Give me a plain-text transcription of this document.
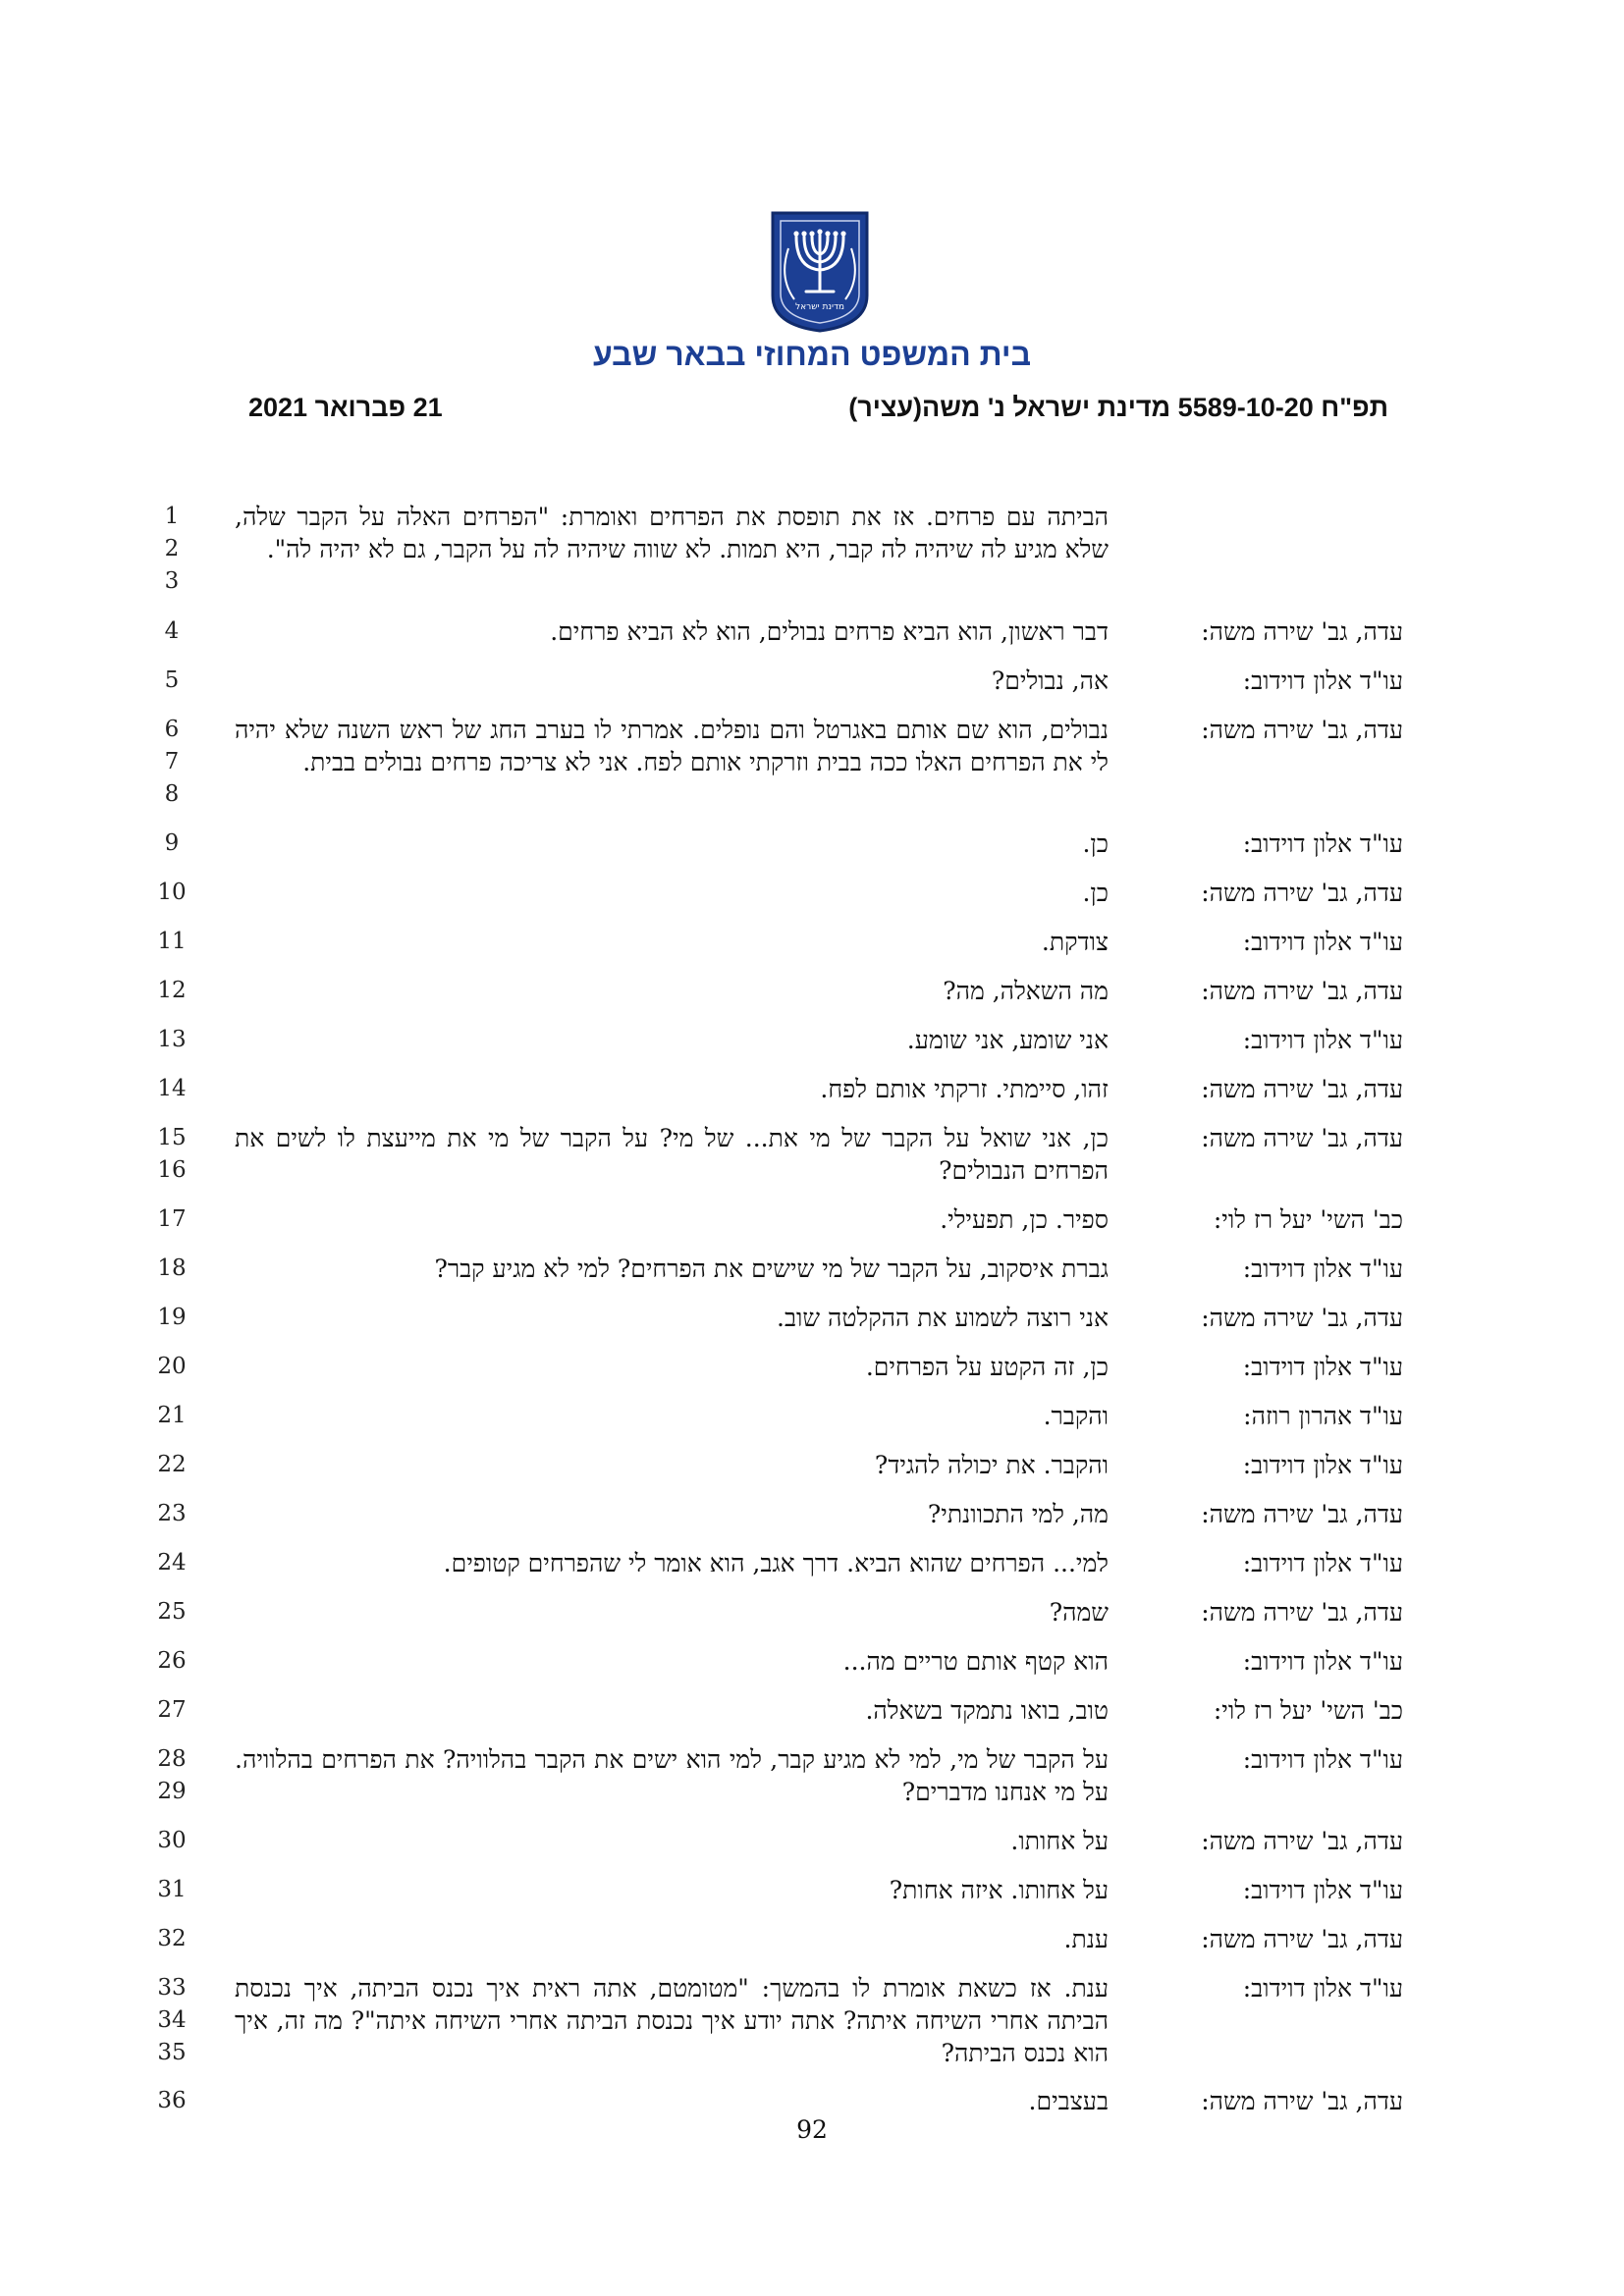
מדינת ישראל
בית המשפט המחוזי בבאר שבע
תפ"ח 5589-10-20 מדינת ישראל נ' משה(עציר)
21 פברואר 2021
הביתה עם פרחים. אז את תופסת את הפרחים ואומרת: "הפרחים האלה על הקבר שלה, שלא מגיע לה שיהיה לה קבר, היא תמות. לא שווה שיהיה לה על הקבר, גם לא יהיה לה".
1
2
3
עדה, גב' שירה משה:
דבר ראשון, הוא הביא פרחים נבולים, הוא לא הביא פרחים.
4
עו"ד אלון דוידוב:
אה, נבולים?
5
עדה, גב' שירה משה:
נבולים, הוא שם אותם באגרטל והם נופלים. אמרתי לו בערב החג של ראש השנה שלא יהיה לי את הפרחים האלו ככה בבית וזרקתי אותם לפח. אני לא צריכה פרחים נבולים בבית.
6
7
8
עו"ד אלון דוידוב:
כן.
9
עדה, גב' שירה משה:
כן.
10
עו"ד אלון דוידוב:
צודקת.
11
עדה, גב' שירה משה:
מה השאלה, מה?
12
עו"ד אלון דוידוב:
אני שומע, אני שומע.
13
עדה, גב' שירה משה:
זהו, סיימתי. זרקתי אותם לפח.
14
עדה, גב' שירה משה:
כן, אני שואל על הקבר של מי את... של מי? על הקבר של מי את מייעצת לו לשים את הפרחים הנבולים?
15
16
כב' השי' יעל רז לוי:
ספיר. כן, תפעילי.
17
עו"ד אלון דוידוב:
גברת איסקוב, על הקבר של מי שישים את הפרחים? למי לא מגיע קבר?
18
עדה, גב' שירה משה:
אני רוצה לשמוע את ההקלטה שוב.
19
עו"ד אלון דוידוב:
כן, זה הקטע על הפרחים.
20
עו"ד אהרון רוזה:
והקבר.
21
עו"ד אלון דוידוב:
והקבר. את יכולה להגיד?
22
עדה, גב' שירה משה:
מה, למי התכוונתי?
23
עו"ד אלון דוידוב:
למי... הפרחים שהוא הביא. דרך אגב, הוא אומר לי שהפרחים קטופים.
24
עדה, גב' שירה משה:
שמה?
25
עו"ד אלון דוידוב:
הוא קטף אותם טריים מה...
26
כב' השי' יעל רז לוי:
טוב, בואו נתמקד בשאלה.
27
עו"ד אלון דוידוב:
על הקבר של מי, למי לא מגיע קבר, למי הוא ישים את הקבר בהלוויה? את הפרחים בהלוויה. על מי אנחנו מדברים?
28
29
עדה, גב' שירה משה:
על אחותו.
30
עו"ד אלון דוידוב:
על אחותו. איזה אחות?
31
עדה, גב' שירה משה:
ענת.
32
עו"ד אלון דוידוב:
ענת. אז כשאת אומרת לו בהמשך: "מטומטם, אתה ראית איך נכנס הביתה, איך נכנסת הביתה אחרי השיחה איתה? אתה יודע איך נכנסת הביתה אחרי השיחה איתה"? מה זה, איך הוא נכנס הביתה?
33
34
35
עדה, גב' שירה משה:
בעצבים.
36
92
